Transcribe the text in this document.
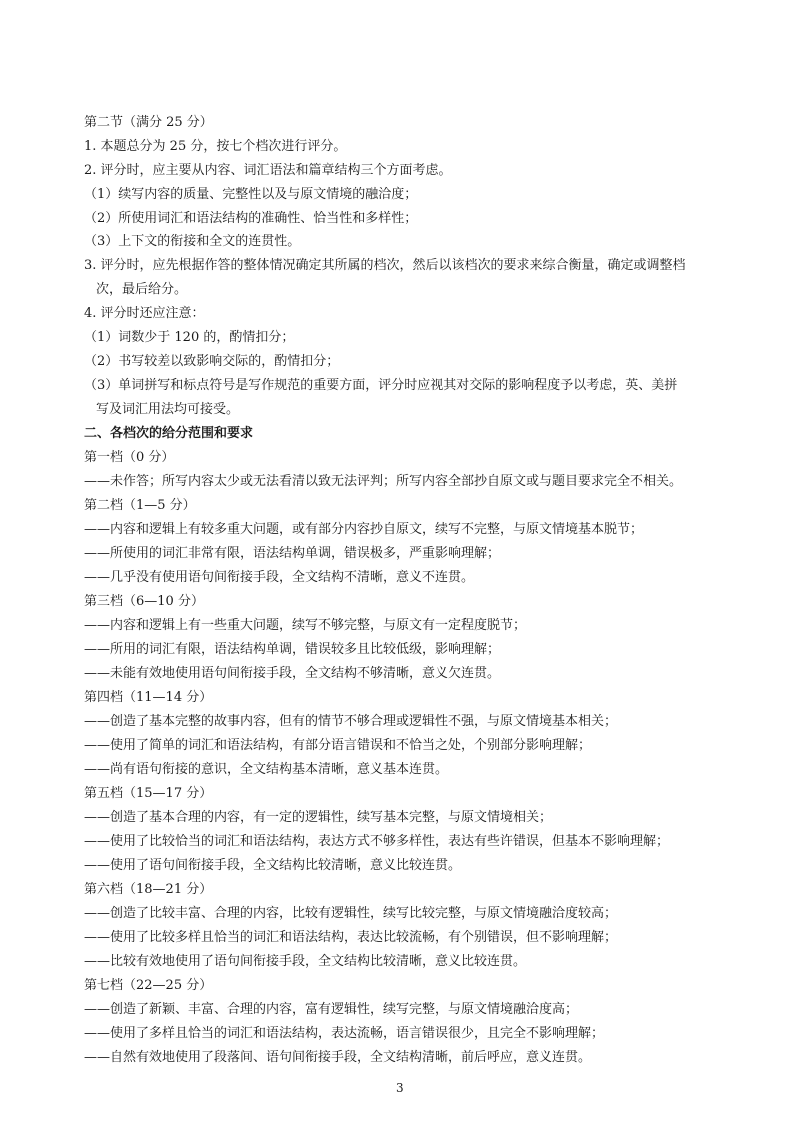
第二节（满分 25 分）
1. 本题总分为 25 分，按七个档次进行评分。
2. 评分时，应主要从内容、词汇语法和篇章结构三个方面考虑。
（1）续写内容的质量、完整性以及与原文情境的融洽度；
（2）所使用词汇和语法结构的准确性、恰当性和多样性；
（3）上下文的衔接和全文的连贯性。
3. 评分时，应先根据作答的整体情况确定其所属的档次，然后以该档次的要求来综合衡量，确定或调整档
次，最后给分。
4. 评分时还应注意：
（1）词数少于 120 的，酌情扣分；
（2）书写较差以致影响交际的，酌情扣分；
（3）单词拼写和标点符号是写作规范的重要方面，评分时应视其对交际的影响程度予以考虑，英、美拼
写及词汇用法均可接受。
二、各档次的给分范围和要求
第一档（0 分）
——未作答；所写内容太少或无法看清以致无法评判；所写内容全部抄自原文或与题目要求完全不相关。
第二档（1—5 分）
——内容和逻辑上有较多重大问题，或有部分内容抄自原文，续写不完整，与原文情境基本脱节；
——所使用的词汇非常有限，语法结构单调，错误极多，严重影响理解；
——几乎没有使用语句间衔接手段，全文结构不清晰，意义不连贯。
第三档（6—10 分）
——内容和逻辑上有一些重大问题，续写不够完整，与原文有一定程度脱节；
——所用的词汇有限，语法结构单调，错误较多且比较低级，影响理解；
——未能有效地使用语句间衔接手段，全文结构不够清晰，意义欠连贯。
第四档（11—14 分）
——创造了基本完整的故事内容，但有的情节不够合理或逻辑性不强，与原文情境基本相关；
——使用了简单的词汇和语法结构，有部分语言错误和不恰当之处，个别部分影响理解；
——尚有语句衔接的意识，全文结构基本清晰，意义基本连贯。
第五档（15—17 分）
——创造了基本合理的内容，有一定的逻辑性，续写基本完整，与原文情境相关；
——使用了比较恰当的词汇和语法结构，表达方式不够多样性，表达有些许错误，但基本不影响理解；
——使用了语句间衔接手段，全文结构比较清晰，意义比较连贯。
第六档（18—21 分）
——创造了比较丰富、合理的内容，比较有逻辑性，续写比较完整，与原文情境融洽度较高；
——使用了比较多样且恰当的词汇和语法结构，表达比较流畅，有个别错误，但不影响理解；
——比较有效地使用了语句间衔接手段，全文结构比较清晰，意义比较连贯。
第七档（22—25 分）
——创造了新颖、丰富、合理的内容，富有逻辑性，续写完整，与原文情境融洽度高；
——使用了多样且恰当的词汇和语法结构，表达流畅，语言错误很少，且完全不影响理解；
——自然有效地使用了段落间、语句间衔接手段，全文结构清晰，前后呼应，意义连贯。
3
